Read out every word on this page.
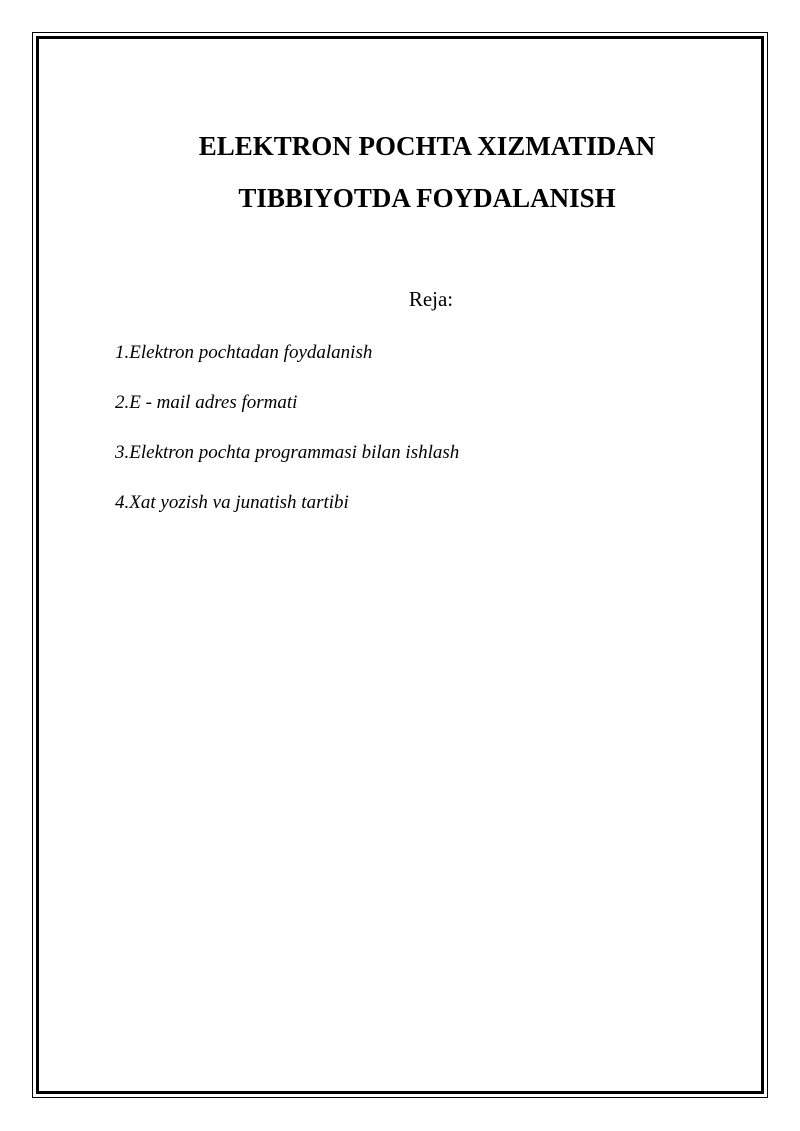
ELEKTRON POCHTA XIZMATIDAN
TIBBIYOTDA FOYDALANISH
Reja:
1.Elektron pochtadan foydalanish
2.E - mail adres formati
3.Elektron pochta programmasi bilan ishlash
4.Xat yozish va junatish tartibi
